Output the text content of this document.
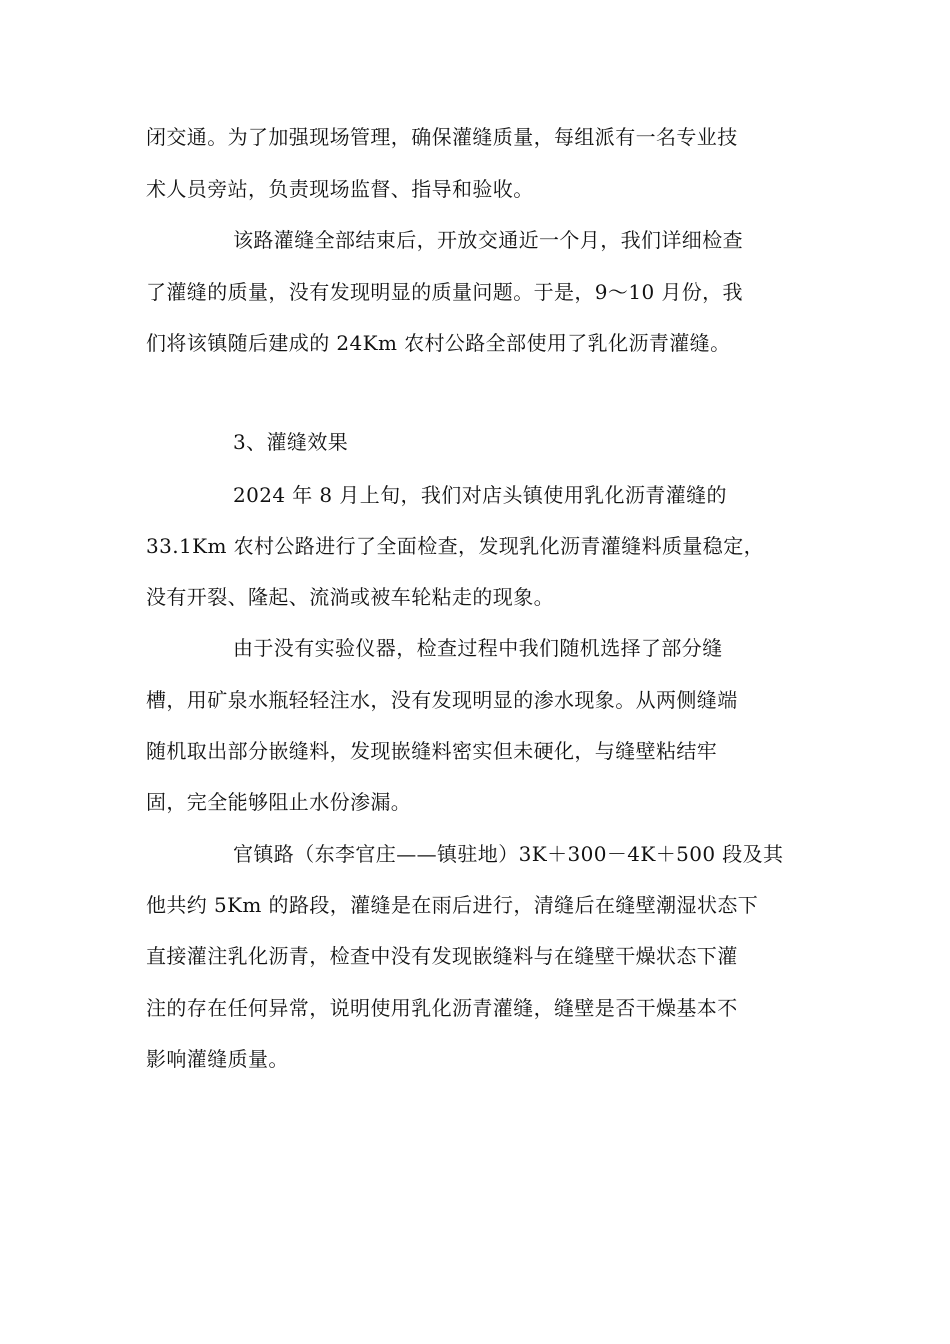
闭交通。为了加强现场管理，确保灌缝质量，每组派有一名专业技
术人员旁站，负责现场监督、指导和验收。
该路灌缝全部结束后，开放交通近一个月，我们详细检查
了灌缝的质量，没有发现明显的质量问题。于是，9～10 月份，我
们将该镇随后建成的 24Km 农村公路全部使用了乳化沥青灌缝。
3、灌缝效果
2024 年 8 月上旬，我们对店头镇使用乳化沥青灌缝的
33.1Km 农村公路进行了全面检查，发现乳化沥青灌缝料质量稳定，
没有开裂、隆起、流淌或被车轮粘走的现象。
由于没有实验仪器，检查过程中我们随机选择了部分缝
槽，用矿泉水瓶轻轻注水，没有发现明显的渗水现象。从两侧缝端
随机取出部分嵌缝料，发现嵌缝料密实但未硬化，与缝壁粘结牢
固，完全能够阻止水份渗漏。
官镇路（东李官庄——镇驻地）3K＋300－4K＋500 段及其
他共约 5Km 的路段，灌缝是在雨后进行，清缝后在缝壁潮湿状态下
直接灌注乳化沥青，检查中没有发现嵌缝料与在缝壁干燥状态下灌
注的存在任何异常，说明使用乳化沥青灌缝，缝壁是否干燥基本不
影响灌缝质量。
